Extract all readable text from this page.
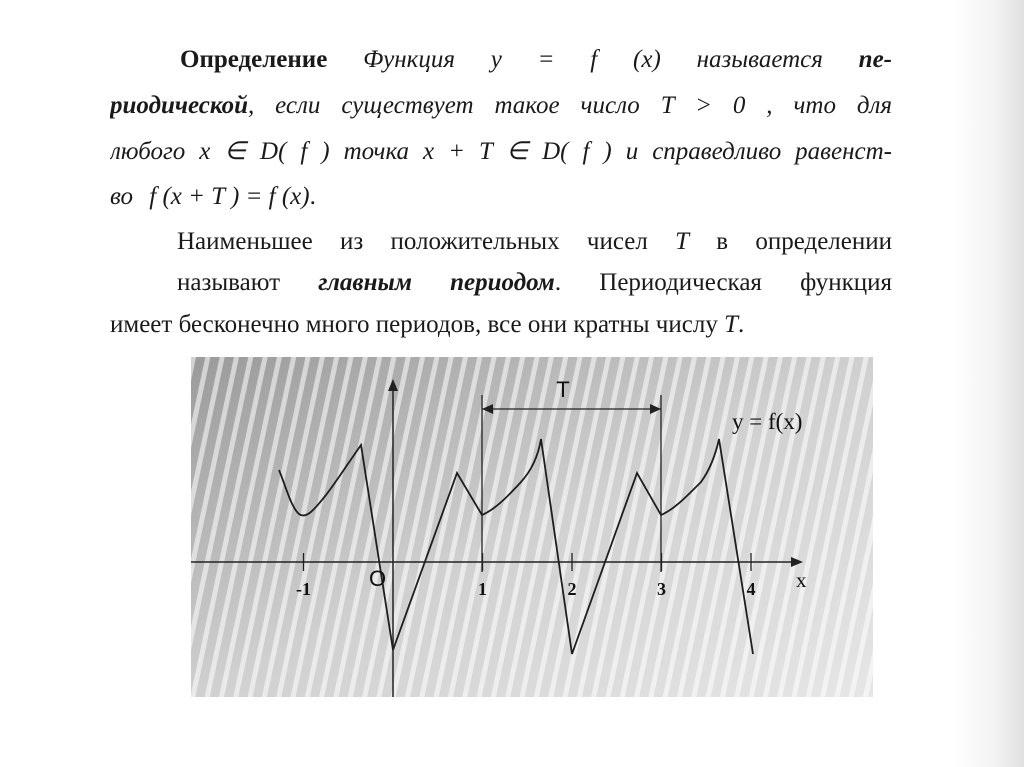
Определение Функция y = f (x) называется пе-
риодической, если существует такое число T > 0 , что для
любого x ∈ D( f ) точка x + T ∈ D( f ) и справедливо равенст-
во f (x + T ) = f (x).
Наименьшее из положительных чисел T в определении
называют главным периодом. Периодическая функция
имеет бесконечно много периодов, все они кратны числу T.
-1	1	2	3	4
T
y = f(x)
O	x
